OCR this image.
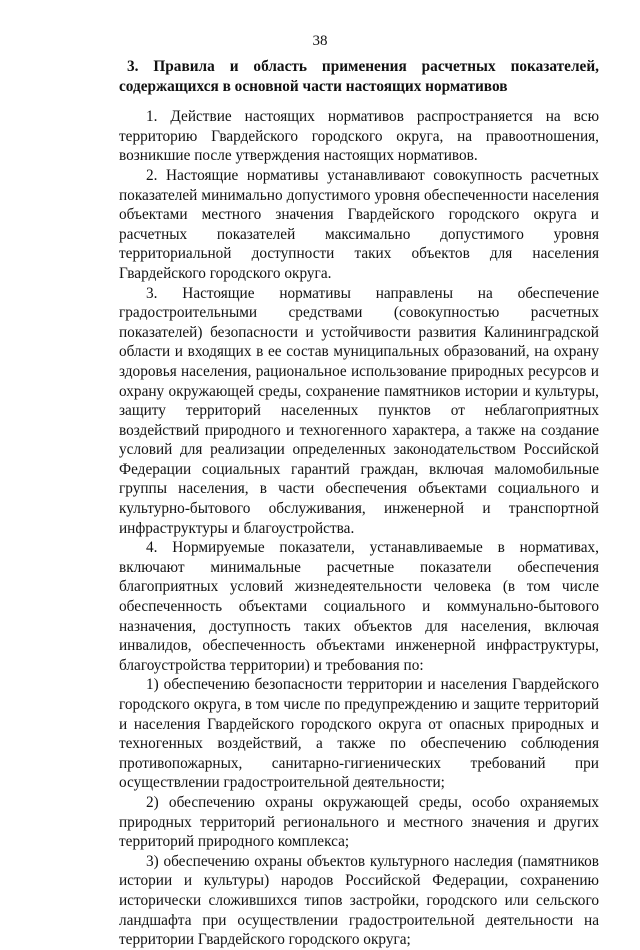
38

3. Правила и область применения расчетных показателей, содержащихся в основной части настоящих нормативов

1. Действие настоящих нормативов распространяется на всю территорию Гвардейского городского округа, на правоотношения, возникшие после утверждения настоящих нормативов.

2. Настоящие нормативы устанавливают совокупность расчетных показателей минимально допустимого уровня обеспеченности населения объектами местного значения Гвардейского городского округа и расчетных показателей максимально допустимого уровня территориальной доступности таких объектов для населения Гвардейского городского округа.

3. Настоящие нормативы направлены на обеспечение градостроительными средствами (совокупностью расчетных показателей) безопасности и устойчивости развития Калининградской области и входящих в ее состав муниципальных образований, на охрану здоровья населения, рациональное использование природных ресурсов и охрану окружающей среды, сохранение памятников истории и культуры, защиту территорий населенных пунктов от неблагоприятных воздействий природного и техногенного характера, а также на создание условий для реализации определенных законодательством Российской Федерации социальных гарантий граждан, включая маломобильные группы населения, в части обеспечения объектами социального и культурно-бытового обслуживания, инженерной и транспортной инфраструктуры и благоустройства.

4. Нормируемые показатели, устанавливаемые в нормативах, включают минимальные расчетные показатели обеспечения благоприятных условий жизнедеятельности человека (в том числе обеспеченность объектами социального и коммунально-бытового назначения, доступность таких объектов для населения, включая инвалидов, обеспеченность объектами инженерной инфраструктуры, благоустройства территории) и требования по:

1) обеспечению безопасности территории и населения Гвардейского городского округа, в том числе по предупреждению и защите территорий и населения Гвардейского городского округа от опасных природных и техногенных воздействий, а также по обеспечению соблюдения противопожарных, санитарно-гигиенических требований при осуществлении градостроительной деятельности;

2) обеспечению охраны окружающей среды, особо охраняемых природных территорий регионального и местного значения и других территорий природного комплекса;

3) обеспечению охраны объектов культурного наследия (памятников истории и культуры) народов Российской Федерации, сохранению исторически сложившихся типов застройки, городского или сельского ландшафта при осуществлении градостроительной деятельности на территории Гвардейского городского округа;
